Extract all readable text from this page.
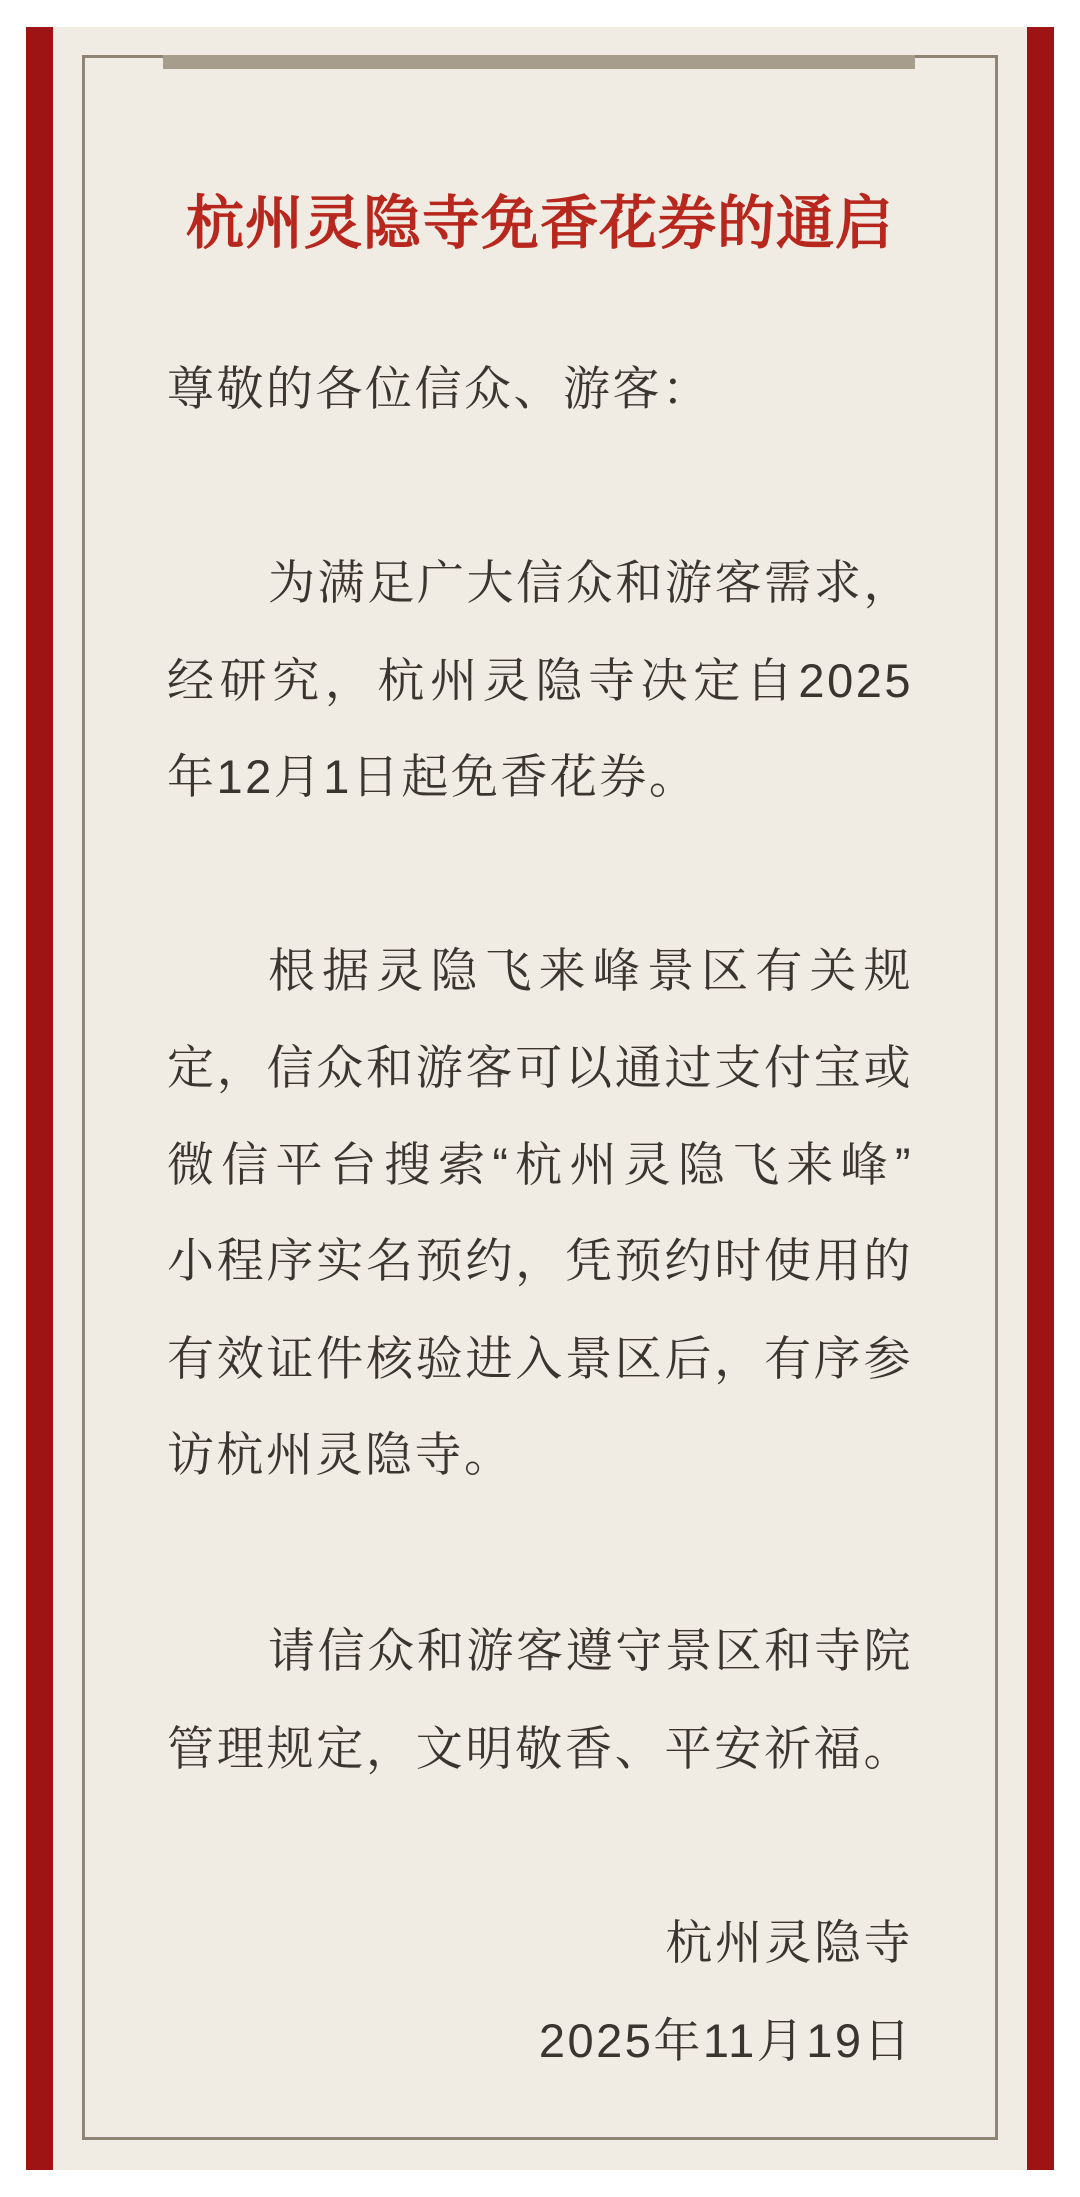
杭州灵隐寺免香花券的通启
尊敬的各位信众、游客：
为满足广大信众和游客需求，
经研究，杭州灵隐寺决定自2025
年12月1日起免香花券。
根据灵隐飞来峰景区有关规
定，信众和游客可以通过支付宝或
微信平台搜索“杭州灵隐飞来峰”
小程序实名预约，凭预约时使用的
有效证件核验进入景区后，有序参
访杭州灵隐寺。
请信众和游客遵守景区和寺院
管理规定，文明敬香、平安祈福。
杭州灵隐寺
2025年11月19日
